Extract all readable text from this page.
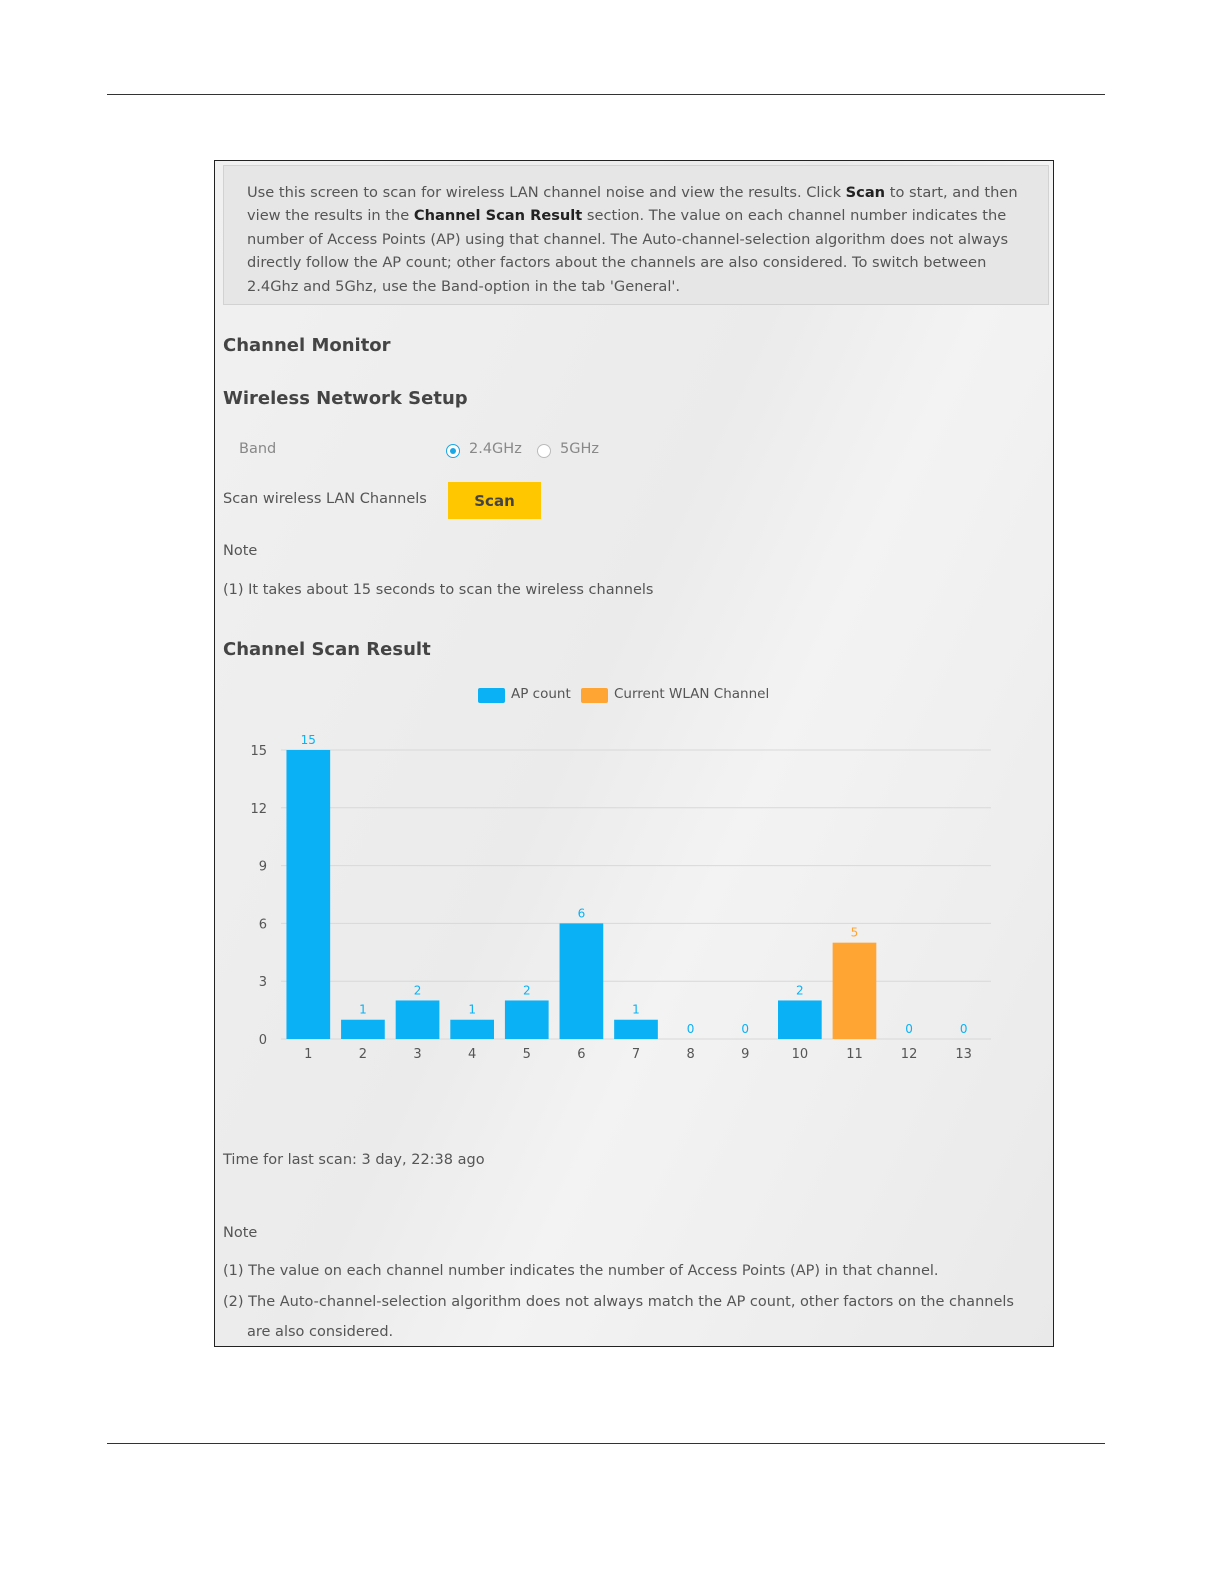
Use this screen to scan for wireless LAN channel noise and view the results. Click Scan to start, and then view the results in the Channel Scan Result section. The value on each channel number indicates the number of Access Points (AP) using that channel. The Auto-channel-selection algorithm does not always directly follow the AP count; other factors about the channels are also considered. To switch between 2.4Ghz and 5Ghz, use the Band-option in the tab 'General'.
Channel Monitor
Wireless Network Setup
Band	2.4GHz	5GHz
Scan wireless LAN Channels	Scan
Note
(1) It takes about 15 seconds to scan the wireless channels
Channel Scan Result
AP count	Current WLAN Channel
0
3
6
9
12
15
15
1
1
2
2
3
1
4
2
5
6
6
1
7
0
8
0
9
2
10
5
11
0
12
0
13
Time for last scan: 3 day, 22:38 ago
Note
(1) The value on each channel number indicates the number of Access Points (AP) in that channel.
(2) The Auto-channel-selection algorithm does not always match the AP count, other factors on the channels
are also considered.
